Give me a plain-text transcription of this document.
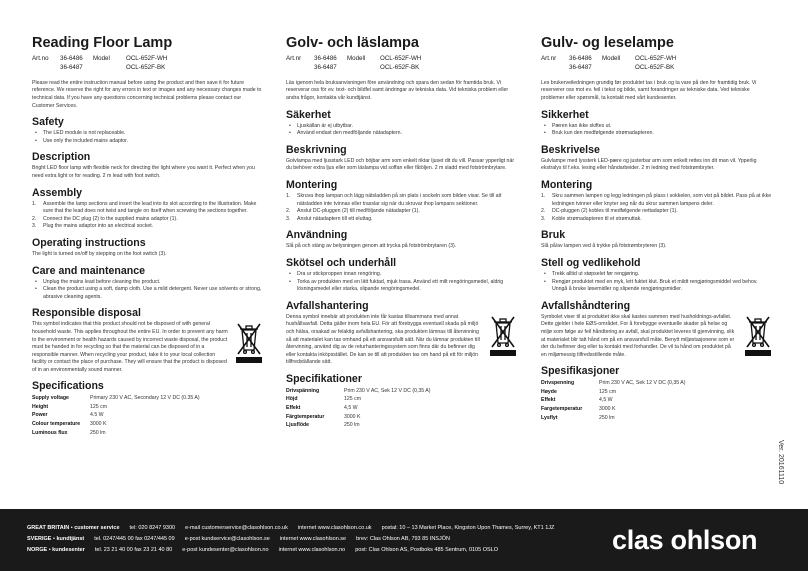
Reading Floor Lamp
Art.no	36-6486	Model	OCL-652F-WH
36-6487	OCL-652F-BK

Please read the entire instruction manual before using the product and then save it for future reference. We reserve the right for any errors in text or images and any necessary changes made to technical data. If you have any questions concerning technical problems please contact our Customer Services.

Safety
• The LED module is not replaceable.
• Use only the included mains adaptor.
Description

Bright LED floor lamp with flexible neck for directing the light where you want it. Perfect when you need extra light or for reading. 2 m lead with foot switch.

Assembly
1. Assemble the lamp sections and insert the lead into its slot according to the illustration. Make sure that the lead does not twist and tangle on itself when screwing the sections together.
2. Connect the DC plug (2) to the supplied mains adaptor (1).
3. Plug the mains adaptor into an electrical socket.
Operating instructions

The light is turned on/off by stepping on the foot switch (3).

Care and maintenance
• Unplug the mains lead before cleaning the product.
• Clean the product using a soft, damp cloth. Use a mild detergent. Never use solvents or strong, abrasive cleaning agents.
Responsible disposal

This symbol indicates that this product should not be disposed of with general household waste. This applies throughout the entire EU. In order to prevent any harm to the environment or health hazards caused by incorrect waste disposal, the product must be handed in for recycling so that the material can be disposed of in a responsible manner. When recycling your product, take it to your local collection facility or contact the place of purchase. They will ensure that the product is disposed of in an environmentally sound manner.

Specifications
Supply voltage	Primary 230 V AC, Secondary 12 V DC (0.35 A)
Height	125 cm
Power	4.5 W
Colour temperature	3000 K
Luminous flux	250 lm
Golv- och läslampa
Art.nr	36-6486	Modell	OCL-652F-WH
36-6487	OCL-652F-BK

Läs igenom hela bruksanvisningen före användning och spara den sedan för framtida bruk. Vi reserverar oss för ev. text- och bildfel samt ändringar av tekniska data. Vid tekniska problem eller andra frågor, kontakta vår kundtjänst.

Säkerhet
• Ljuskällan är ej utbytbar.
• Använd endast den medföljande nätadaptern.
Beskrivning

Golvlampa med ljusstark LED och böjbar arm som enkelt riktar ljuset dit du vill. Passar ypperligt när du behöver extra ljus eller som läslampa vid soffan eller fåtöljen. 2 m sladd med fotströmbrytare.

Montering
1. Skruva ihop lampan och lägg nätsladden på sin plats i sockeln som bilden visar. Se till att nätsladden inte tvinnas eller trasslar sig när du skruvar ihop lampans sektioner.
2. Anslut DC-pluggen (2) till medföljande nätadapter (1).
3. Anslut nätadaptern till ett eluttag.
Användning

Slå på och stäng av belysningen genom att trycka på fotströmbrytaren (3).

Skötsel och underhåll
• Dra ur stickproppen innan rengöring.
• Torka av produkten med en lätt fuktad, mjuk trasa. Använd ett milt rengöringsmedel, aldrig lösningsmedel eller starka, slipande rengöringsmedel.
Avfallshantering

Denna symbol innebär att produkten inte får kastas tillsammans med annat hushållsavfall. Detta gäller inom hela EU. För att förebygga eventuell skada på miljö och hälsa, orsakad av felaktig avfallshantering, ska produkten lämnas till återvinning så att materialet kan tas omhand på ett ansvarsfullt sätt. När du lämnar produkten till återvinning, använd dig av de returhanteringssystem som finns där du befinner dig eller kontakta inköpsstället. De kan se till att produkten tas om hand på ett för miljön tillfredställande sätt.

Specifikationer
Drivspänning	Prim 230 V AC, Sek 12 V DC (0,35 A)
Höjd	125 cm
Effekt	4,5 W
Färgtemperatur	3000 K
Ljusflöde	250 lm
Gulv- og leselampe
Art.nr	36-6486	Modell	OCL-652F-WH
36-6487	OCL-652F-BK

Les brukerveiledningen grundig før produktet tas i bruk og ta vare på den for framtidig bruk. Vi reserverer oss mot ev. feil i tekst og bilde, samt forandringer av tekniske data. Ved tekniske problemer eller spørsmål, ta kontakt med vårt kundesenter.

Sikkerhet
• Pæren kan ikke skiftes ut.
• Bruk kun den medfølgende strømadapteren.
Beskrivelse

Gulvlampe med lyssterk LED-pære og justerbar arm som enkelt rettes inn dit man vil. Ypperlig ekstralys til f.eks. lesing eller håndarbeider. 2 m ledning med fotstrømbryter.

Montering
1. Skru sammen lampen og legg ledningen på plass i sokkelen, som vist på bildet. Pass på at ikke ledningen tvinner eller knyter seg når du skrur sammen lampens deler.
2. DC-pluggen (2) kobles til medfølgende nettadapter (1).
3. Koble strømadapteren til et strømuttak.
Bruk

Slå på/av lampen ved å trykke på fotstrømbryteren (3).

Stell og vedlikehold
• Trekk alltid ut støpselet før rengjøring.
• Rengjør produktet med en myk, lett fuktet klut. Bruk et mildt rengjøringsmiddel ved behov. Unngå å bruke løsemidler og slipende rengjøringsmidler.
Avfallshåndtering

Symbolet viser til at produktet ikke skal kastes sammen med husholdnings-avfallet. Dette gjelder i hele EØS-området. For å forebygge eventuelle skader på helse og miljø som følge av feil håndtering av avfall, skal produktet leveres til gjenvinning, slik at materialet blir tatt hånd om på en ansvarsfull måte. Benytt miljøstasjonene som er der du befinner deg eller ta kontakt med forhandler. De vil ta hånd om produktet på en miljømessig tilfredsstillende måte.

Spesifikasjoner
Drivspenning	Prim 230 V AC, Sek 12 V DC (0,35 A)
Høyde	125 cm
Effekt	4,5 W
Fargetemperatur	3000 K
Lysflyt	250 lm
Ver. 20161110
GREAT BRITAIN • customer service tel: 020 8247 9300 e-mail customerservice@clasohlson.co.uk internet www.clasohlson.co.uk postal: 10 – 13 Market Place, Kingston Upon Thames, Surrey, KT1 1JZ
SVERIGE • kundtjänst tel. 0247/445 00 fax 0247/445 09 e-post kundservice@clasohlson.se internet www.clasohlson.se brev: Clas Ohlson AB, 793 85 INSJÖN
NORGE • kundesenter tel. 23 21 40 00 fax 23 21 40 80 e-post kundesenter@clasohlson.no internet www.clasohlson.no post: Clas Ohlson AS, Postboks 485 Sentrum, 0105 OSLO	clas ohlson
